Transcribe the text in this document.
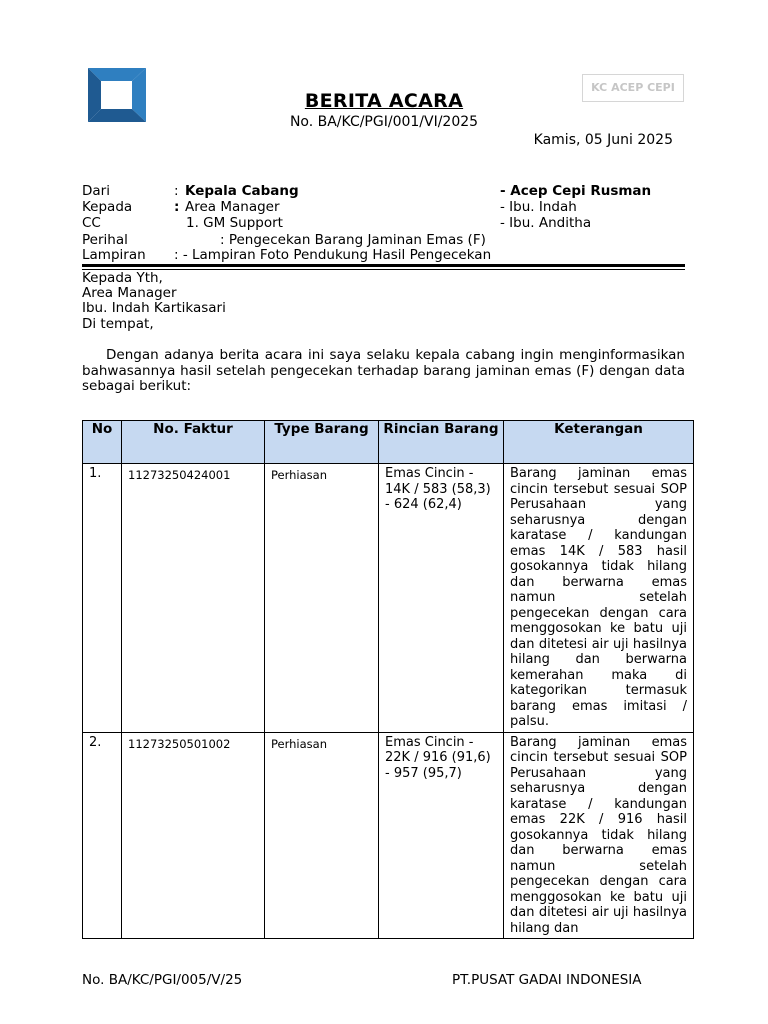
KC ACEP CEPI
BERITA ACARA
No. BA/KC/PGI/001/VI/2025
Kamis, 05 Juni 2025
Dari	: Kepala Cabang	- Acep Cepi Rusman
Kepada	: Area Manager	- Ibu. Indah
CC	1. GM Support	- Ibu. Anditha
Perihal	: Pengecekan Barang Jaminan Emas (F)
Lampiran : - Lampiran Foto Pendukung Hasil Pengecekan
Kepada Yth,
Area Manager
Ibu. Indah Kartikasari
Di tempat,
Dengan adanya berita acara ini saya selaku kepala cabang ingin menginformasikan bahwasannya hasil setelah pengecekan terhadap barang jaminan emas (F) dengan data sebagai berikut:
No	No. Faktur	Type Barang	Rincian Barang	Keterangan
1.	11273250424001	Perhiasan	Emas Cincin - 14K / 583 (58,3) - 624 (62,4)	Barang jaminan emas cincin tersebut sesuai SOP Perusahaan yang seharusnya dengan karatase / kandungan emas 14K / 583 hasil gosokannya tidak hilang dan berwarna emas namun setelah pengecekan dengan cara menggosokan ke batu uji dan ditetesi air uji hasilnya hilang dan berwarna kemerahan maka di kategorikan termasuk barang emas imitasi / palsu.
2.	11273250501002	Perhiasan	Emas Cincin - 22K / 916 (91,6) - 957 (95,7)	Barang jaminan emas cincin tersebut sesuai SOP Perusahaan yang seharusnya dengan karatase / kandungan emas 22K / 916 hasil gosokannya tidak hilang dan berwarna emas namun setelah pengecekan dengan cara menggosokan ke batu uji dan ditetesi air uji hasilnya hilang dan
No. BA/KC/PGI/005/V/25	PT.PUSAT GADAI INDONESIA
